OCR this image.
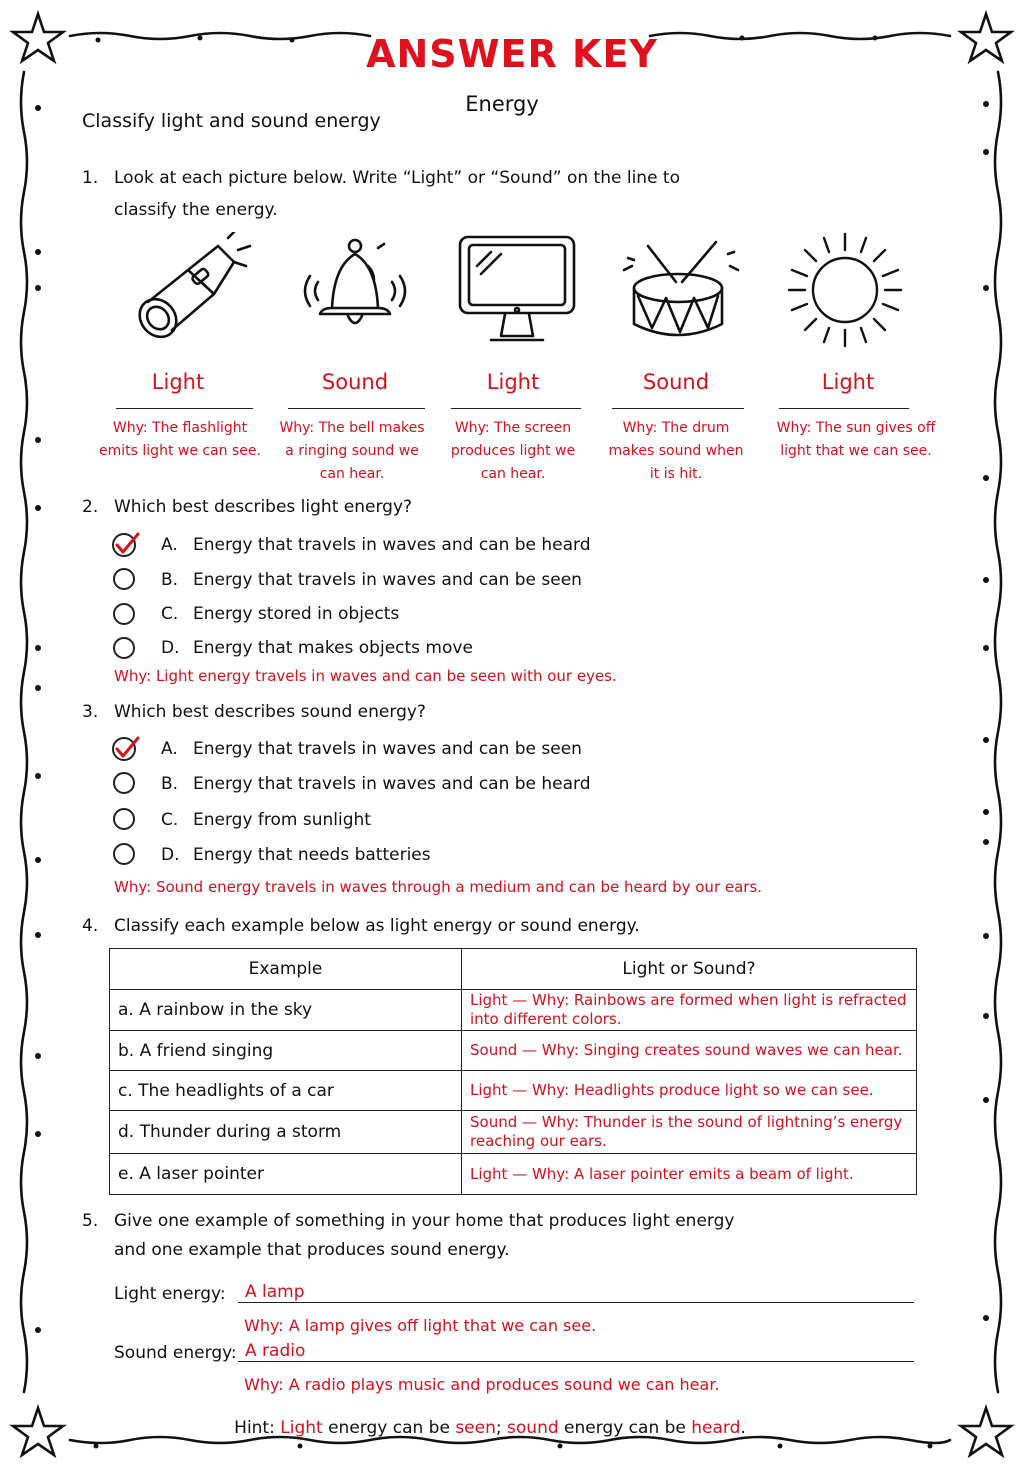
ANSWER KEY
Energy
Classify light and sound energy
1. Look at each picture below. Write “Light” or “Sound” on the line to
classify the energy.
Light	Sound	Light	Sound	Light
Why: The flashlight
emits light we can see.
Why: The bell makes
a ringing sound we
can hear.
Why: The screen
produces light we
can hear.
Why: The drum
makes sound when
it is hit.
Why: The sun gives off
light that we can see.
2. Which best describes light energy?
A. Energy that travels in waves and can be heard
B. Energy that travels in waves and can be seen
C. Energy stored in objects
D. Energy that makes objects move
Why: Light energy travels in waves and can be seen with our eyes.
3. Which best describes sound energy?
A. Energy that travels in waves and can be seen
B. Energy that travels in waves and can be heard
C. Energy from sunlight
D. Energy that needs batteries
Why: Sound energy travels in waves through a medium and can be heard by our ears.
4. Classify each example below as light energy or sound energy.
Example	Light or Sound?
a. A rainbow in the sky	Light — Why: Rainbows are formed when light is refracted into different colors.
b. A friend singing	Sound — Why: Singing creates sound waves we can hear.
c. The headlights of a car	Light — Why: Headlights produce light so we can see.
d. Thunder during a storm	Sound — Why: Thunder is the sound of lightning’s energy reaching our ears.
e. A laser pointer	Light — Why: A laser pointer emits a beam of light.
5. Give one example of something in your home that produces light energy
and one example that produces sound energy.
Light energy: A lamp
Why: A lamp gives off light that we can see.
Sound energy: A radio
Why: A radio plays music and produces sound we can hear.
Hint: Light energy can be seen; sound energy can be heard.
